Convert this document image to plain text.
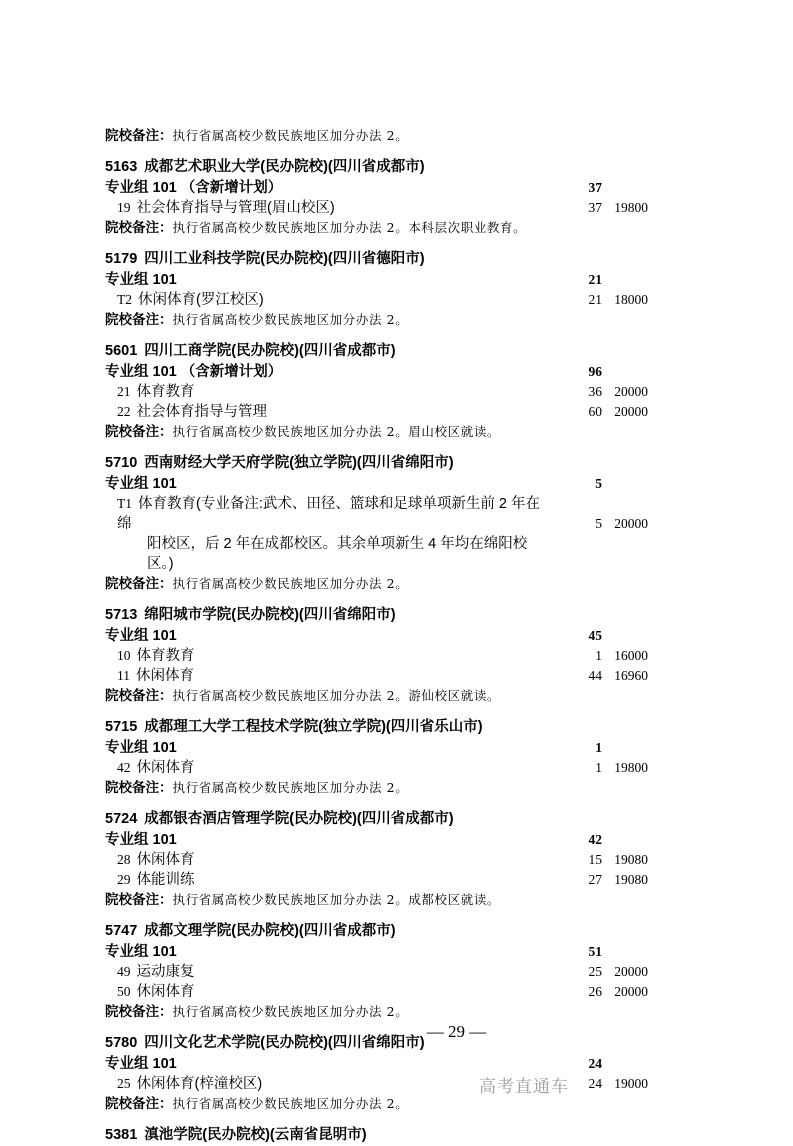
院校备注：执行省属高校少数民族地区加分办法 2。
5163 成都艺术职业大学(民办院校)(四川省成都市)
专业组 101 （含新增计划）	37
19 社会体育指导与管理(眉山校区)	37 19800
院校备注：执行省属高校少数民族地区加分办法 2。本科层次职业教育。
5179 四川工业科技学院(民办院校)(四川省德阳市)
专业组 101	21
T2 休闲体育(罗江校区)	21 18000
院校备注：执行省属高校少数民族地区加分办法 2。
5601 四川工商学院(民办院校)(四川省成都市)
专业组 101 （含新增计划）	96
21 体育教育	36 20000
22 社会体育指导与管理	60 20000
院校备注：执行省属高校少数民族地区加分办法 2。眉山校区就读。
5710 西南财经大学天府学院(独立学院)(四川省绵阳市)
专业组 101	5
T1 体育教育(专业备注:武术、田径、篮球和足球单项新生前 2 年在绵
阳校区，后 2 年在成都校区。其余单项新生 4 年均在绵阳校区。)
5 20000
院校备注：执行省属高校少数民族地区加分办法 2。
5713 绵阳城市学院(民办院校)(四川省绵阳市)
专业组 101	45
10 体育教育	1 16000
11 休闲体育	44 16960
院校备注：执行省属高校少数民族地区加分办法 2。游仙校区就读。
5715 成都理工大学工程技术学院(独立学院)(四川省乐山市)
专业组 101	1
42 休闲体育	1 19800
院校备注：执行省属高校少数民族地区加分办法 2。
5724 成都银杏酒店管理学院(民办院校)(四川省成都市)
专业组 101	42
28 休闲体育	15 19080
29 体能训练	27 19080
院校备注：执行省属高校少数民族地区加分办法 2。成都校区就读。
5747 成都文理学院(民办院校)(四川省成都市)
专业组 101	51
49 运动康复	25 20000
50 休闲体育	26 20000
院校备注：执行省属高校少数民族地区加分办法 2。
5780 四川文化艺术学院(民办院校)(四川省绵阳市)
专业组 101	24
25 休闲体育(梓潼校区)	24 19000
院校备注：执行省属高校少数民族地区加分办法 2。
5381 滇池学院(民办院校)(云南省昆明市)
— 29 —
高考直通车
